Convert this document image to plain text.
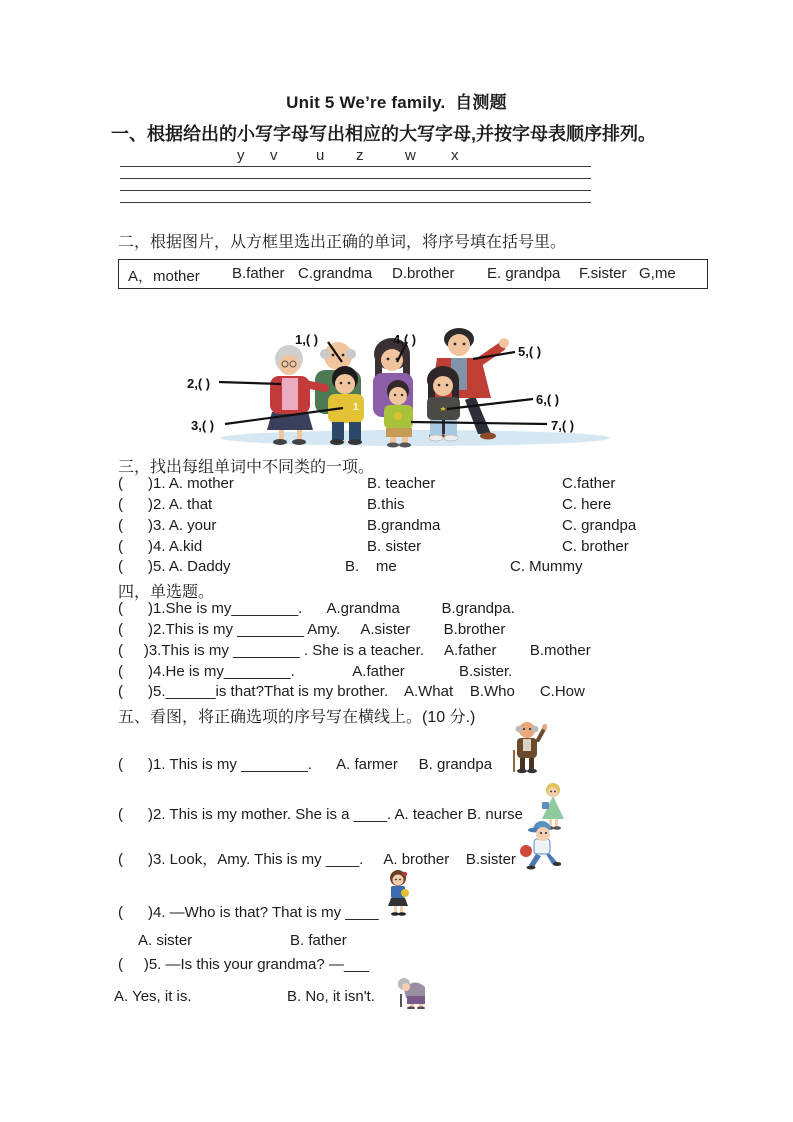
Unit 5 We’re family.  自测题
一、根据给出的小写字母写出相应的大写字母,并按字母表顺序排列。

y

v

	u

z

	w

x

二，根据图片，从方框里选出正确的单词，将序号填在括号里。

A，mother

B.father

C.grandma

D.brother

E. grandpa

F.sister

G,me

1
1,( )
2,( )
3,( )
4,( )
5,( )
6,( )
7,( )
三，找出每组单词中不同类的一项。
(      )1. A. mother	B. teacher	C.father
(      )2. A. that	B.this	C. here
(      )3. A. your	B.grandma	C. grandpa
(      )4. A.kid	B. sister	C. brother
(      )5. A. Daddy	B.    me	C. Mummy
四，单选题。
(      )1.She is my________.      A.grandma          B.grandpa.
(      )2.This is my ________ Amy.     A.sister        B.brother
(     )3.This is my ________ . She is a teacher.     A.father        B.mother
(      )4.He is my________.              A.father             B.sister.
(      )5.______is that?That is my brother.    A.What    B.Who      C.How
五、看图，将正确选项的序号写在横线上。(10 分.)
(      )1. This is my ________.      A. farmer     B. grandpa
(      )2. This is my mother. She is a ____. A. teacher B. nurse
(      )3. Look，Amy. This is my ____.     A. brother    B.sister
(      )4. —Who is that? That is my ____
A. sister	B. father
(     )5. —Is this your grandma? —___
A. Yes, it is.	B. No, it isn't.
